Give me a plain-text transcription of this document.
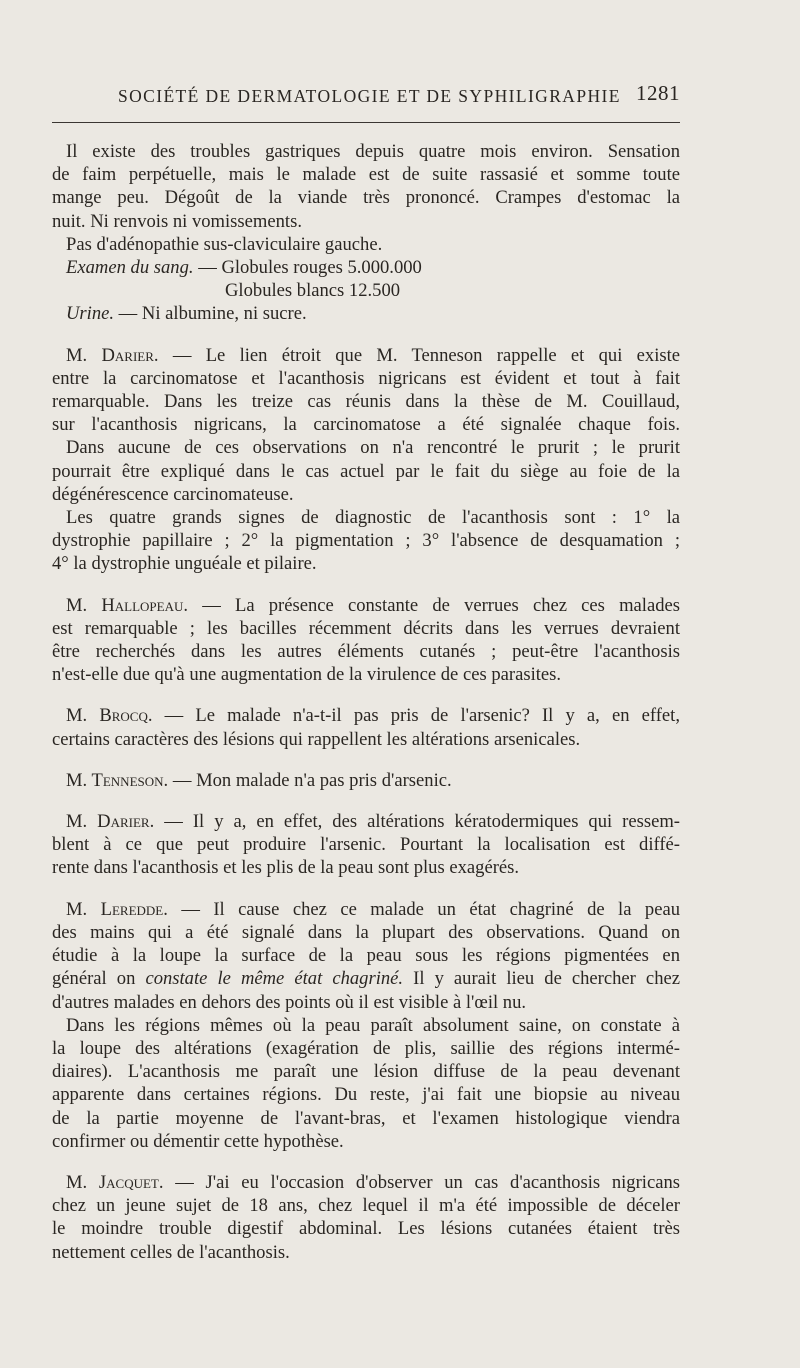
SOCIÉTÉ DE DERMATOLOGIE ET DE SYPHILIGRAPHIE 1281
Il existe des troubles gastriques depuis quatre mois environ. Sensation
de faim perpétuelle, mais le malade est de suite rassasié et somme toute
mange peu. Dégoût de la viande très prononcé. Crampes d'estomac la
nuit. Ni renvois ni vomissements.
Pas d'adénopathie sus-claviculaire gauche.
Examen du sang. — Globules rouges 5.000.000
Globules blancs 12.500
Urine. — Ni albumine, ni sucre.
M. Darier. — Le lien étroit que M. Tenneson rappelle et qui existe
entre la carcinomatose et l'acanthosis nigricans est évident et tout à fait
remarquable. Dans les treize cas réunis dans la thèse de M. Couillaud,
sur l'acanthosis nigricans, la carcinomatose a été signalée chaque fois.
Dans aucune de ces observations on n'a rencontré le prurit ; le prurit
pourrait être expliqué dans le cas actuel par le fait du siège au foie de la
dégénérescence carcinomateuse.
Les quatre grands signes de diagnostic de l'acanthosis sont : 1° la
dystrophie papillaire ; 2° la pigmentation ; 3° l'absence de desquamation ;
4° la dystrophie unguéale et pilaire.
M. Hallopeau. — La présence constante de verrues chez ces malades
est remarquable ; les bacilles récemment décrits dans les verrues devraient
être recherchés dans les autres éléments cutanés ; peut-être l'acanthosis
n'est-elle due qu'à une augmentation de la virulence de ces parasites.
M. Brocq. — Le malade n'a-t-il pas pris de l'arsenic? Il y a, en effet,
certains caractères des lésions qui rappellent les altérations arsenicales.
M. Tenneson. — Mon malade n'a pas pris d'arsenic.
M. Darier. — Il y a, en effet, des altérations kératodermiques qui ressem-
blent à ce que peut produire l'arsenic. Pourtant la localisation est diffé-
rente dans l'acanthosis et les plis de la peau sont plus exagérés.
M. Leredde. — Il cause chez ce malade un état chagriné de la peau
des mains qui a été signalé dans la plupart des observations. Quand on
étudie à la loupe la surface de la peau sous les régions pigmentées en
général on constate le même état chagriné. Il y aurait lieu de chercher chez
d'autres malades en dehors des points où il est visible à l'œil nu.
Dans les régions mêmes où la peau paraît absolument saine, on constate à
la loupe des altérations (exagération de plis, saillie des régions intermé-
diaires). L'acanthosis me paraît une lésion diffuse de la peau devenant
apparente dans certaines régions. Du reste, j'ai fait une biopsie au niveau
de la partie moyenne de l'avant-bras, et l'examen histologique viendra
confirmer ou démentir cette hypothèse.
M. Jacquet. — J'ai eu l'occasion d'observer un cas d'acanthosis nigricans
chez un jeune sujet de 18 ans, chez lequel il m'a été impossible de déceler
le moindre trouble digestif abdominal. Les lésions cutanées étaient très
nettement celles de l'acanthosis.
